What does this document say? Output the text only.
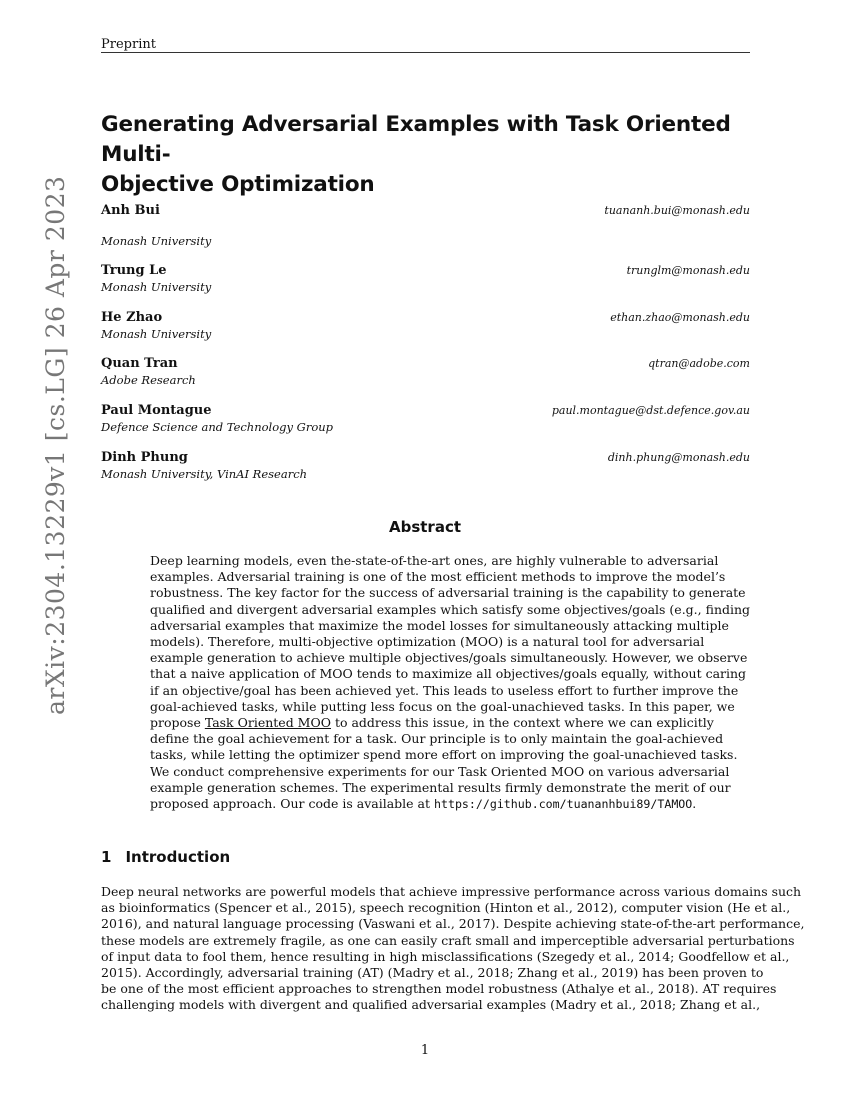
Preprint
arXiv:2304.13229v1 [cs.LG] 26 Apr 2023
Generating Adversarial Examples with Task Oriented Multi-
Objective Optimization
Anh Bui
Monash University
tuananh.bui@monash.edu
Trung Le
Monash University
trunglm@monash.edu
He Zhao
Monash University
ethan.zhao@monash.edu
Quan Tran
Adobe Research
qtran@adobe.com
Paul Montague
Defence Science and Technology Group
paul.montague@dst.defence.gov.au
Dinh Phung
Monash University, VinAI Research
dinh.phung@monash.edu
Abstract
Deep learning models, even the-state-of-the-art ones, are highly vulnerable to adversarial
examples. Adversarial training is one of the most efficient methods to improve the model’s
robustness. The key factor for the success of adversarial training is the capability to generate
qualified and divergent adversarial examples which satisfy some objectives/goals (e.g., finding
adversarial examples that maximize the model losses for simultaneously attacking multiple
models). Therefore, multi-objective optimization (MOO) is a natural tool for adversarial
example generation to achieve multiple objectives/goals simultaneously. However, we observe
that a naive application of MOO tends to maximize all objectives/goals equally, without caring
if an objective/goal has been achieved yet. This leads to useless effort to further improve the
goal-achieved tasks, while putting less focus on the goal-unachieved tasks. In this paper, we
propose Task Oriented MOO to address this issue, in the context where we can explicitly
define the goal achievement for a task. Our principle is to only maintain the goal-achieved
tasks, while letting the optimizer spend more effort on improving the goal-unachieved tasks.
We conduct comprehensive experiments for our Task Oriented MOO on various adversarial
example generation schemes. The experimental results firmly demonstrate the merit of our
proposed approach. Our code is available at https://github.com/tuananhbui89/TAMOO.
1 Introduction
Deep neural networks are powerful models that achieve impressive performance across various domains such
as bioinformatics (Spencer et al., 2015), speech recognition (Hinton et al., 2012), computer vision (He et al.,
2016), and natural language processing (Vaswani et al., 2017). Despite achieving state-of-the-art performance,
these models are extremely fragile, as one can easily craft small and imperceptible adversarial perturbations
of input data to fool them, hence resulting in high misclassifications (Szegedy et al., 2014; Goodfellow et al.,
2015). Accordingly, adversarial training (AT) (Madry et al., 2018; Zhang et al., 2019) has been proven to
be one of the most efficient approaches to strengthen model robustness (Athalye et al., 2018). AT requires
challenging models with divergent and qualified adversarial examples (Madry et al., 2018; Zhang et al.,
1
